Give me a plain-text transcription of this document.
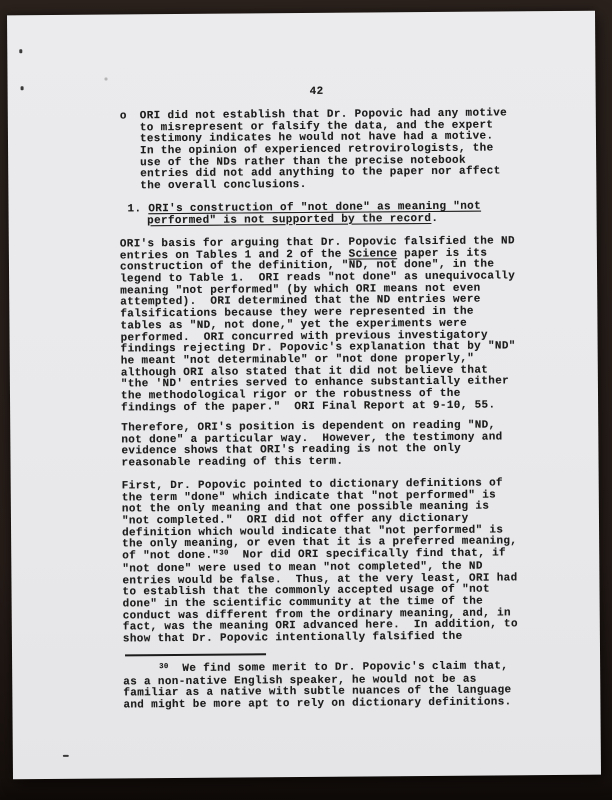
42
o ORI did not establish that Dr. Popovic had any motive
to misrepresent or falsify the data, and the expert
testimony indicates he would not have had a motive.
In the opinion of experienced retrovirologists, the
use of the NDs rather than the precise notebook
entries did not add anything to the paper nor affect
the overall conclusions.
1. ORI's construction of "not done" as meaning "not
performed" is not supported by the record.
ORI's basis for arguing that Dr. Popovic falsified the ND
entries on Tables 1 and 2 of the Science paper is its
construction of the definition, "ND, not done", in the
legend to Table 1.  ORI reads "not done" as unequivocally
meaning "not performed" (by which ORI means not even
attempted).  ORI determined that the ND entries were
falsifications because they were represented in the
tables as "ND, not done," yet the experiments were
performed.  ORI concurred with previous investigatory
findings rejecting Dr. Popovic's explanation that by "ND"
he meant "not determinable" or "not done properly,"
although ORI also stated that it did not believe that
"the 'ND' entries served to enhance substantially either
the methodological rigor or the robustness of the
findings of the paper."  ORI Final Report at 9-10, 55.
Therefore, ORI's position is dependent on reading "ND,
not done" a particular way.  However, the testimony and
evidence shows that ORI's reading is not the only
reasonable reading of this term.
First, Dr. Popovic pointed to dictionary definitions of
the term "done" which indicate that "not performed" is
not the only meaning and that one possible meaning is
"not completed."  ORI did not offer any dictionary
definition which would indicate that "not performed" is
the only meaning, or even that it is a preferred meaning,
of "not done."$^{30}$  Nor did ORI specifically find that, if
"not done" were used to mean "not completed", the ND
entries would be false.  Thus, at the very least, ORI had
to establish that the commonly accepted usage of "not
done" in the scientific community at the time of the
conduct was different from the ordinary meaning, and, in
fact, was the meaning ORI advanced here.  In addition, to
show that Dr. Popovic intentionally falsified the
$^{30}$  We find some merit to Dr. Popovic's claim that,
as a non-native English speaker, he would not be as
familiar as a native with subtle nuances of the language
and might be more apt to rely on dictionary definitions.
